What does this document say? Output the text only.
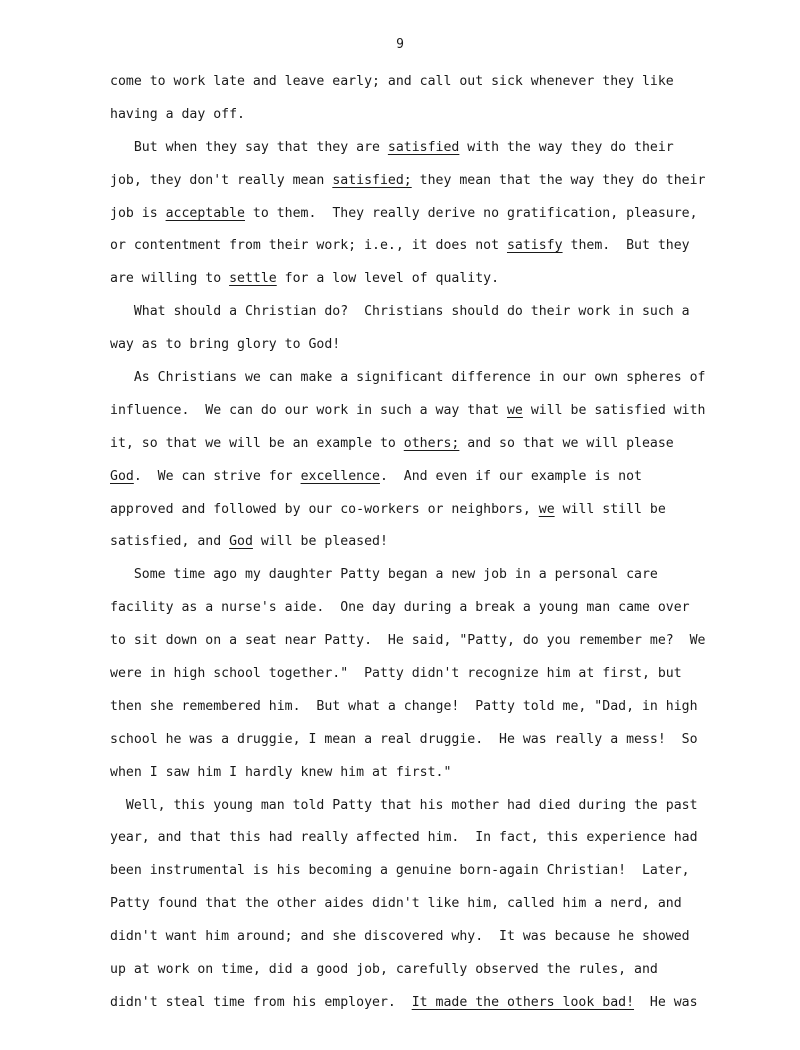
9
come to work late and leave early; and call out sick whenever they like
having a day off.
But when they say that they are satisfied with the way they do their
job, they don't really mean satisfied; they mean that the way they do their
job is acceptable to them.  They really derive no gratification, pleasure,
or contentment from their work; i.e., it does not satisfy them.  But they
are willing to settle for a low level of quality.
What should a Christian do?  Christians should do their work in such a
way as to bring glory to God!
As Christians we can make a significant difference in our own spheres of
influence.  We can do our work in such a way that we will be satisfied with
it, so that we will be an example to others; and so that we will please
God.  We can strive for excellence.  And even if our example is not
approved and followed by our co-workers or neighbors, we will still be
satisfied, and God will be pleased!
Some time ago my daughter Patty began a new job in a personal care
facility as a nurse's aide.  One day during a break a young man came over
to sit down on a seat near Patty.  He said, "Patty, do you remember me?  We
were in high school together."  Patty didn't recognize him at first, but
then she remembered him.  But what a change!  Patty told me, "Dad, in high
school he was a druggie, I mean a real druggie.  He was really a mess!  So
when I saw him I hardly knew him at first."
Well, this young man told Patty that his mother had died during the past
year, and that this had really affected him.  In fact, this experience had
been instrumental is his becoming a genuine born-again Christian!  Later,
Patty found that the other aides didn't like him, called him a nerd, and
didn't want him around; and she discovered why.  It was because he showed
up at work on time, did a good job, carefully observed the rules, and
didn't steal time from his employer.  It made the others look bad!  He was
